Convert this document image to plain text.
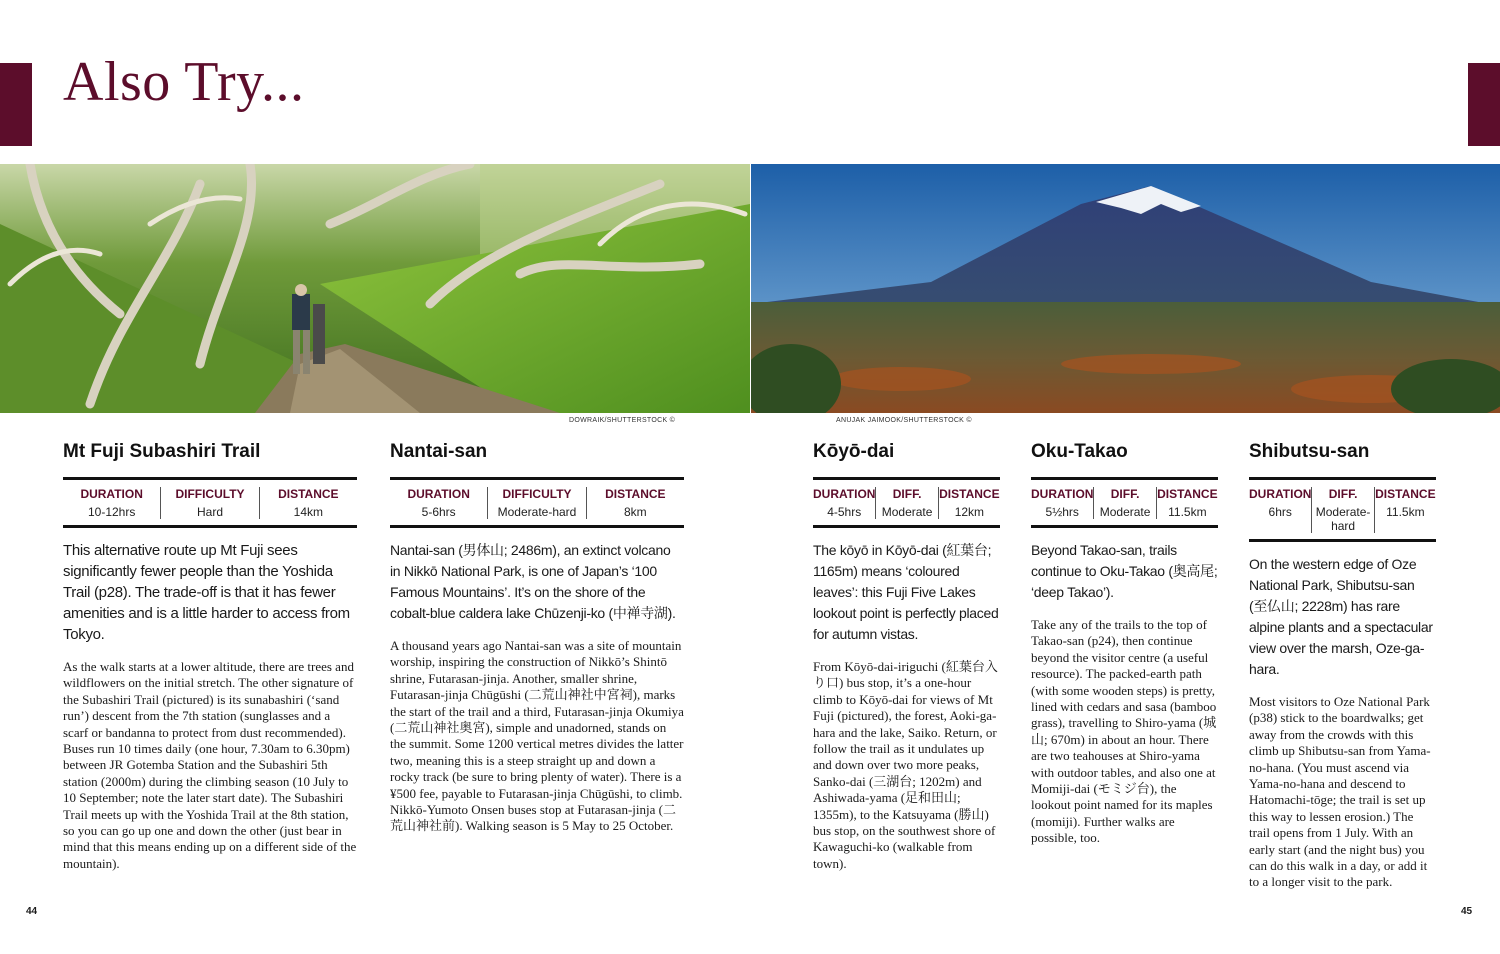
Also Try...
DOWRAIK/SHUTTERSTOCK ©	ANUJAK JAIMOOK/SHUTTERSTOCK ©
Mt Fuji Subashiri Trail
DURATION
10-12hrs
DIFFICULTY
Hard
DISTANCE
14km

This alternative route up Mt Fuji sees significantly fewer people than the Yoshida Trail (p28). The trade-off is that it has fewer amenities and is a little harder to access from Tokyo.

As the walk starts at a lower altitude, there are trees and wildflowers on the initial stretch. The other signature of the Subashiri Trail (pictured) is its sunabashiri (‘sand run’) descent from the 7th station (sunglasses and a scarf or bandanna to protect from dust recommended). Buses run 10 times daily (one hour, 7.30am to 6.30pm) between JR Gotemba Station and the Subashiri 5th station (2000m) during the climbing season (10 July to 10 September; note the later start date). The Subashiri Trail meets up with the Yoshida Trail at the 8th station, so you can go up one and down the other (just bear in mind that this means ending up on a different side of the mountain).

Nantai-san
DURATION
5-6hrs
DIFFICULTY
Moderate-hard
DISTANCE
8km

Nantai-san (男体山; 2486m), an extinct volcano in Nikkō National Park, is one of Japan’s ‘100 Famous Mountains’. It’s on the shore of the cobalt-blue caldera lake Chūzenji-ko (中禅寺湖).

A thousand years ago Nantai-san was a site of mountain worship, inspiring the construction of Nikkō’s Shintō shrine, Futarasan-jinja. Another, smaller shrine, Futarasan-jinja Chūgūshi (二荒山神社中宮祠), marks the start of the trail and a third, Futarasan-jinja Okumiya (二荒山神社奥宮), simple and unadorned, stands on the summit. Some 1200 vertical metres divides the latter two, meaning this is a steep straight up and down a rocky track (be sure to bring plenty of water). There is a ¥500 fee, payable to Futarasan-jinja Chūgūshi, to climb. Nikkō-Yumoto Onsen buses stop at Futarasan-jinja (二荒山神社前). Walking season is 5 May to 25 October.

Kōyō-dai
DURATION
4-5hrs
DIFF.
Moderate
DISTANCE
12km

The kōyō in Kōyō-dai (紅葉台; 1165m) means ‘coloured leaves’: this Fuji Five Lakes lookout point is perfectly placed for autumn vistas.

From Kōyō-dai-iriguchi (紅葉台入り口) bus stop, it’s a one-hour climb to Kōyō-dai for views of Mt Fuji (pictured), the forest, Aoki-ga-hara and the lake, Saiko. Return, or follow the trail as it undulates up and down over two more peaks, Sanko-dai (三湖台; 1202m) and Ashiwada-yama (足和田山; 1355m), to the Katsuyama (勝山) bus stop, on the southwest shore of Kawaguchi-ko (walkable from town).

Oku-Takao
DURATION
5½hrs
DIFF.
Moderate
DISTANCE
11.5km

Beyond Takao-san, trails continue to Oku-Takao (奥高尾; ‘deep Takao’).

Take any of the trails to the top of Takao-san (p24), then continue beyond the visitor centre (a useful resource). The packed-earth path (with some wooden steps) is pretty, lined with cedars and sasa (bamboo grass), travelling to Shiro-yama (城山; 670m) in about an hour. There are two teahouses at Shiro-yama with outdoor tables, and also one at Momiji-dai (モミジ台), the lookout point named for its maples (momiji). Further walks are possible, too.

Shibutsu-san
DURATION
6hrs
DIFF.
Moderate-hard
DISTANCE
11.5km

On the western edge of Oze National Park, Shibutsu-san (至仏山; 2228m) has rare alpine plants and a spectacular view over the marsh, Oze-ga-hara.

Most visitors to Oze National Park (p38) stick to the boardwalks; get away from the crowds with this climb up Shibutsu-san from Yama-no-hana. (You must ascend via Yama-no-hana and descend to Hatomachi-tōge; the trail is set up this way to lessen erosion.) The trail opens from 1 July. With an early start (and the night bus) you can do this walk in a day, or add it to a longer visit to the park.

44	45
